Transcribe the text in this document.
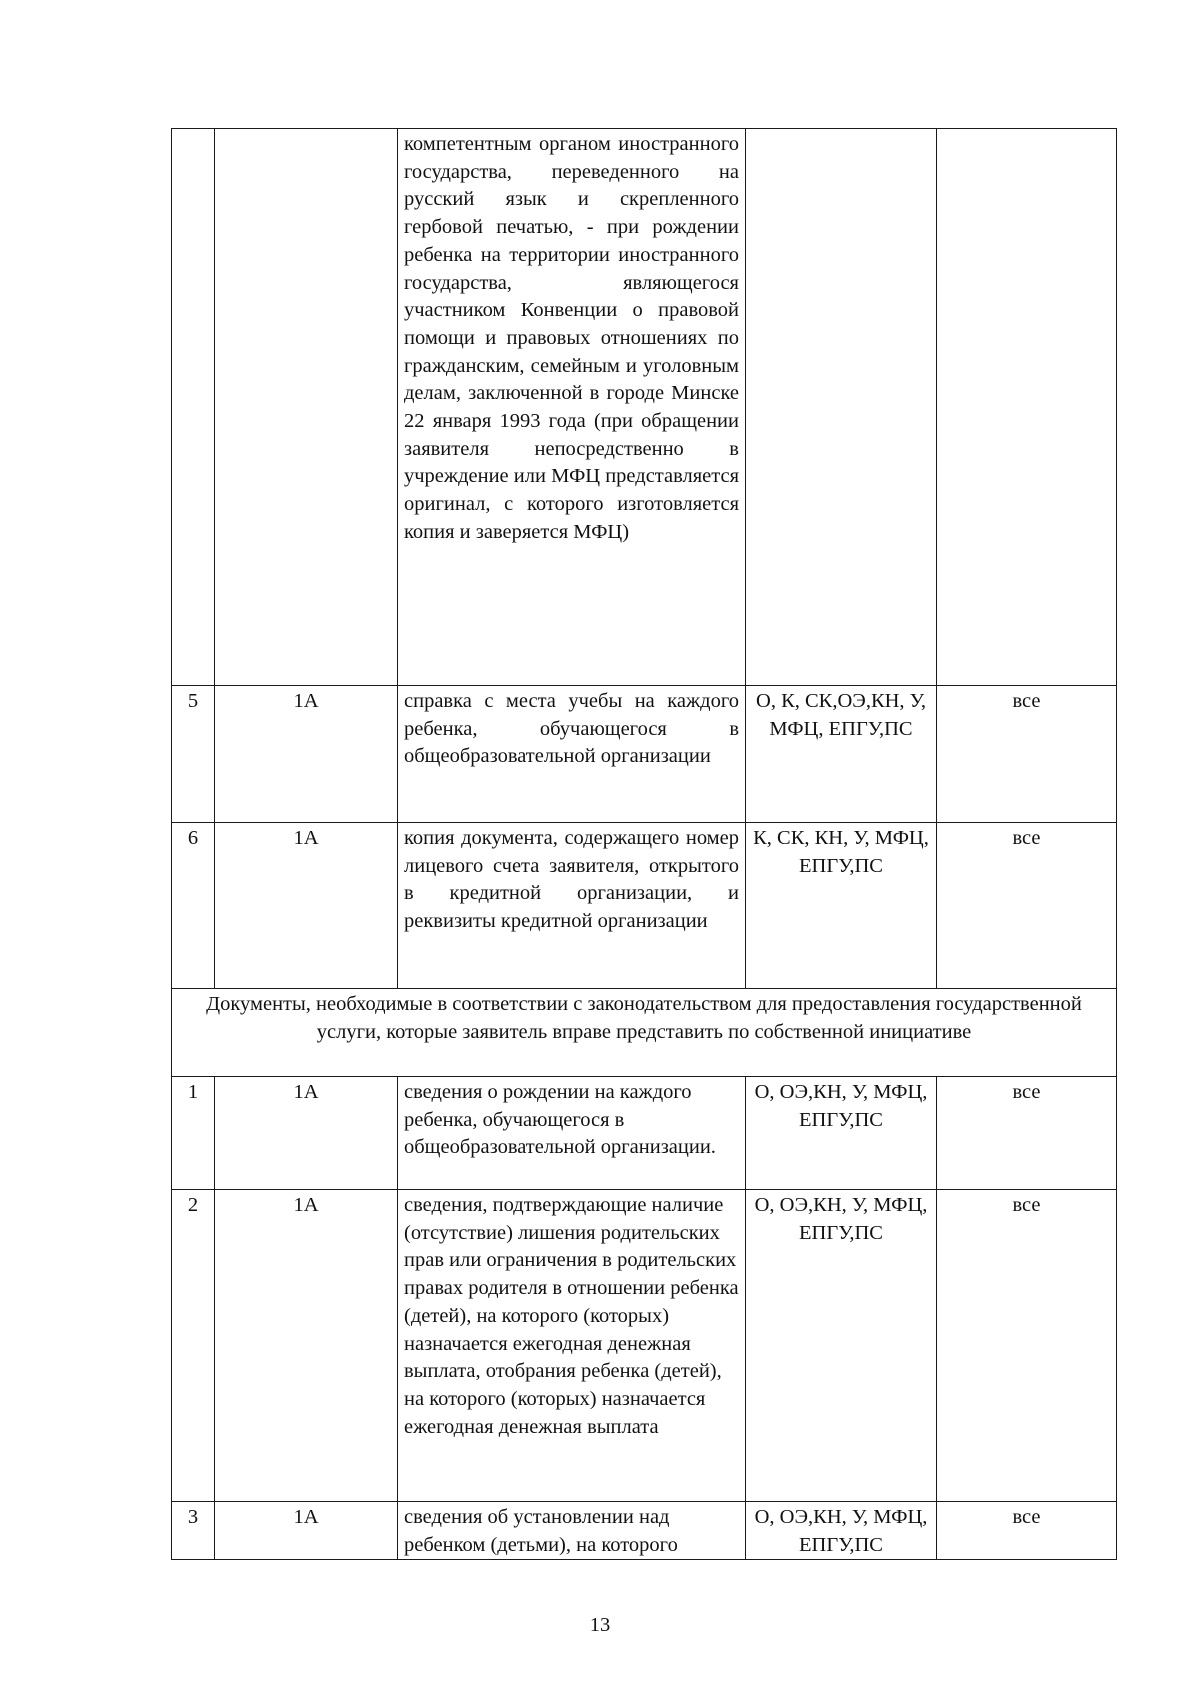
		компетентным органом иностранного государства, переведенного на русский язык и скрепленного гербовой печатью, - при рождении ребенка на территории иностранного государства, являющегося участником Конвенции о правовой помощи и правовых отношениях по гражданским, семейным и уголовным делам, заключенной в городе Минске 22 января 1993 года (при обращении заявителя непосредственно в учреждение или МФЦ представляется оригинал, с которого изготовляется копия и заверяется МФЦ)		
5	1А	справка с места учебы на каждого ребенка, обучающегося в общеобразовательной организации	О, К, СК,ОЭ,КН, У, МФЦ, ЕПГУ,ПС	все
6	1А	копия документа, содержащего номер лицевого счета заявителя, открытого в кредитной организации, и реквизиты кредитной организации	К, СК, КН, У, МФЦ, ЕПГУ,ПС	все
Документы, необходимые в соответствии с законодательством для предоставления государственной услуги, которые заявитель вправе представить по собственной инициативе				
1	1А	сведения о рождении на каждого ребенка, обучающегося в общеобразовательной организации.	О, ОЭ,КН, У, МФЦ, ЕПГУ,ПС	все
2	1А	сведения, подтверждающие наличие (отсутствие) лишения родительских прав или ограничения в родительских правах родителя в отношении ребенка (детей), на которого (которых) назначается ежегодная денежная выплата, отобрания ребенка (детей), на которого (которых) назначается ежегодная денежная выплата	О, ОЭ,КН, У, МФЦ, ЕПГУ,ПС	все
3	1А	сведения об установлении над ребенком (детьми), на которого	О, ОЭ,КН, У, МФЦ, ЕПГУ,ПС	все
13
